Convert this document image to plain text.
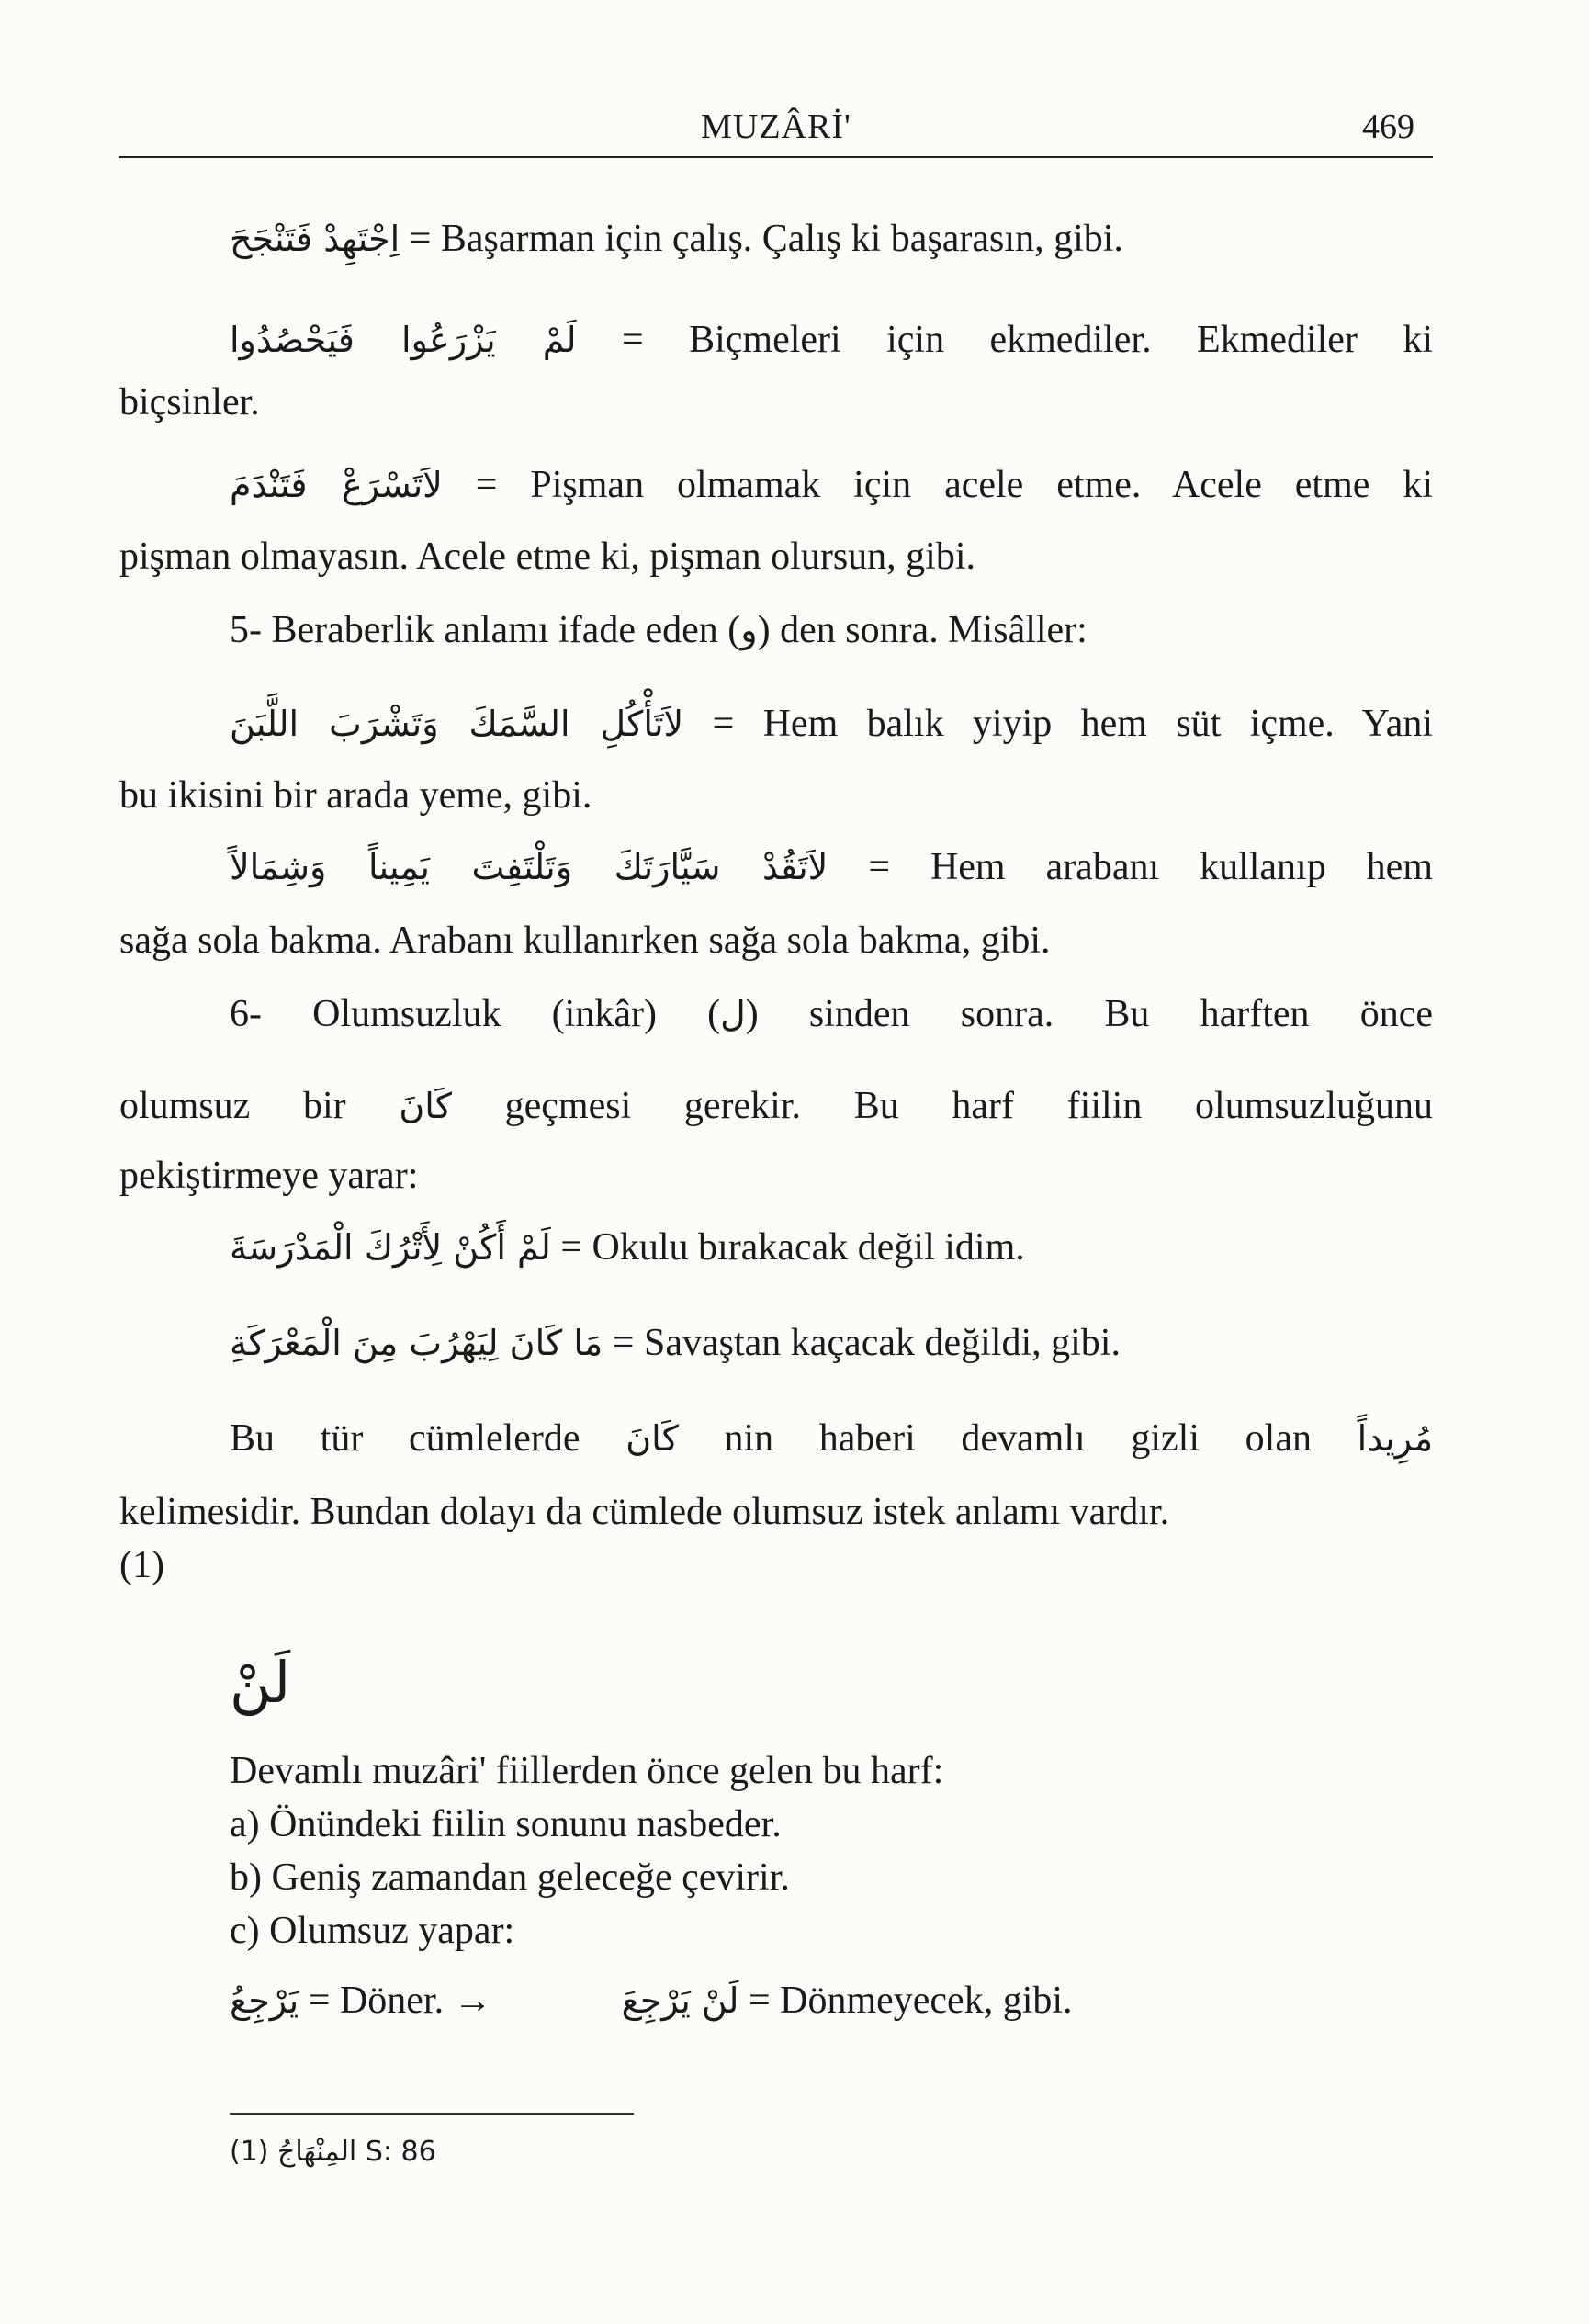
MUZÂRİ'	469
اِجْتَهِدْ فَتَنْجَحَ = Başarman için çalış. Çalış ki başarasın, gibi.
لَمْ يَزْرَعُوا فَيَحْصُدُوا = Biçmeleri için ekmediler. Ekmediler ki
biçsinler.
لاَتَسْرَعْ فَتَنْدَمَ = Pişman olmamak için acele etme. Acele etme ki
pişman olmayasın. Acele etme ki, pişman olursun, gibi.
5- Beraberlik anlamı ifade eden (و) den sonra. Misâller:
لاَتَأْكُلِ السَّمَكَ وَتَشْرَبَ اللَّبَنَ = Hem balık yiyip hem süt içme. Yani
bu ikisini bir arada yeme, gibi.
لاَتَقُدْ سَيَّارَتَكَ وَتَلْتَفِتَ يَمِيناً وَشِمَالاً = Hem arabanı kullanıp hem
sağa sola bakma. Arabanı kullanırken sağa sola bakma, gibi.
6- Olumsuzluk (inkâr) (ل) sinden sonra. Bu harften önce
olumsuz bir كَانَ geçmesi gerekir. Bu harf fiilin olumsuzluğunu
pekiştirmeye yarar:
لَمْ أَكُنْ لِأَتْرُكَ الْمَدْرَسَةَ = Okulu bırakacak değil idim.
مَا كَانَ لِيَهْرُبَ مِنَ الْمَعْرَكَةِ = Savaştan kaçacak değildi, gibi.
Bu tür cümlelerde كَانَ nin haberi devamlı gizli olan مُرِيداً
kelimesidir. Bundan dolayı da cümlede olumsuz istek anlamı vardır.
(1)
لَنْ
Devamlı muzâri' fiillerden önce gelen bu harf:
a) Önündeki fiilin sonunu nasbeder.
b) Geniş zamandan geleceğe çevirir.
c) Olumsuz yapar:
يَرْجِعُ = Döner. →	لَنْ يَرْجِعَ = Dönmeyecek, gibi.
(1) المِنْهَاجُ S: 86
